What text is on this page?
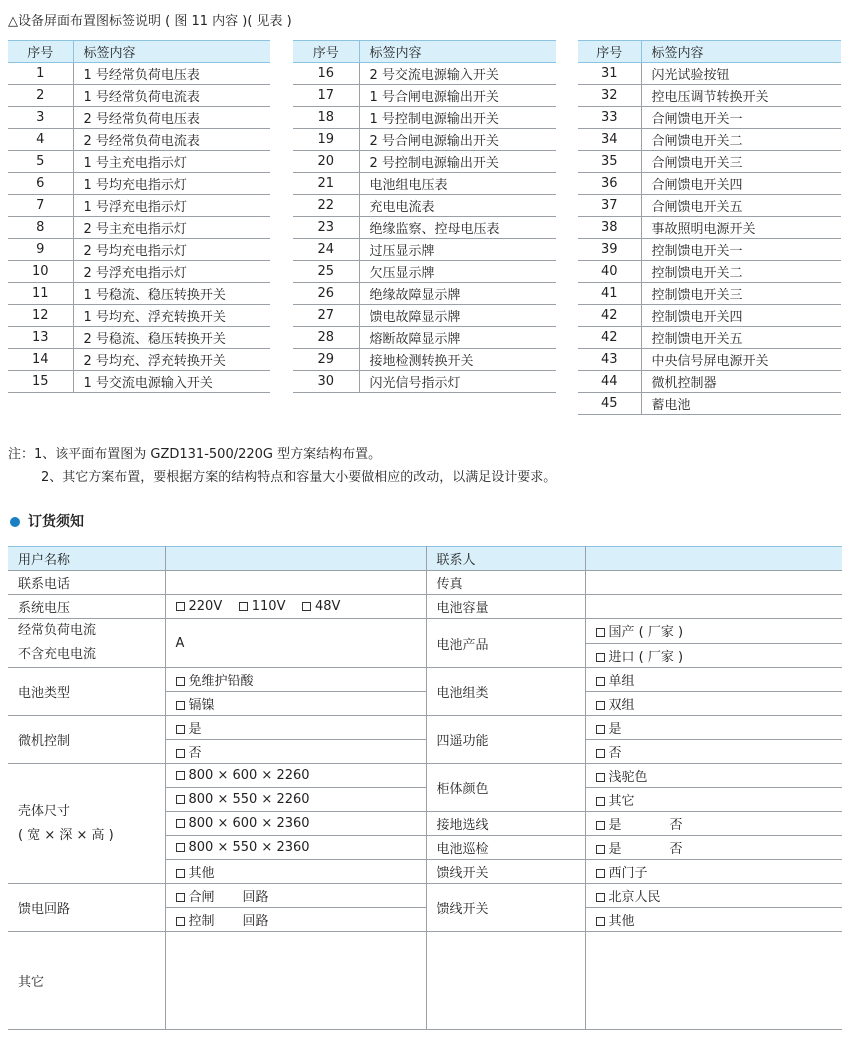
△设备屏面布置图标签说明 ( 图 11 内容 )( 见表 )
序号	标签内容
1	1 号经常负荷电压表
2	1 号经常负荷电流表
3	2 号经常负荷电压表
4	2 号经常负荷电流表
5	1 号主充电指示灯
6	1 号均充电指示灯
7	1 号浮充电指示灯
8	2 号主充电指示灯
9	2 号均充电指示灯
10	2 号浮充电指示灯
11	1 号稳流、稳压转换开关
12	1 号均充、浮充转换开关
13	2 号稳流、稳压转换开关
14	2 号均充、浮充转换开关
15	1 号交流电源输入开关
序号	标签内容
16	2 号交流电源输入开关
17	1 号合闸电源输出开关
18	1 号控制电源输出开关
19	2 号合闸电源输出开关
20	2 号控制电源输出开关
21	电池组电压表
22	充电电流表
23	绝缘监察、控母电压表
24	过压显示牌
25	欠压显示牌
26	绝缘故障显示牌
27	馈电故障显示牌
28	熔断故障显示牌
29	接地检测转换开关
30	闪光信号指示灯
序号	标签内容
31	闪光试验按钮
32	控电压调节转换开关
33	合闸馈电开关一
34	合闸馈电开关二
35	合闸馈电开关三
36	合闸馈电开关四
37	合闸馈电开关五
38	事故照明电源开关
39	控制馈电开关一
40	控制馈电开关二
41	控制馈电开关三
42	控制馈电开关四
42	控制馈电开关五
43	中央信号屏电源开关
44	微机控制器
45	蓄电池
注：1、该平面布置图为 GZD131-500/220G 型方案结构布置。
2、其它方案布置，要根据方案的结构特点和容量大小要做相应的改动，以满足设计要求。
订货须知
用户名称		联系人	
联系电话		传真	
系统电压	220V 110V 48V	电池容量	

经常负荷电流
不含充电电流	A	电池产品	国产 ( 厂家 )
			进口 ( 厂家 )
电池类型	免维护铅酸	电池组类	单组
	镉镍		双组
微机控制	是	四遥功能	是
	否		否

壳体尺寸
( 宽 × 深 × 高 )	800 × 600 × 2260	柜体颜色	浅驼色
	800 × 550 × 2260		其它
	800 × 600 × 2360	接地选线	是 否
	800 × 550 × 2360	电池巡检	是 否
	其他	馈线开关	西门子
馈电回路	合闸 回路	馈线开关	北京人民
	控制 回路		其他
其它			
